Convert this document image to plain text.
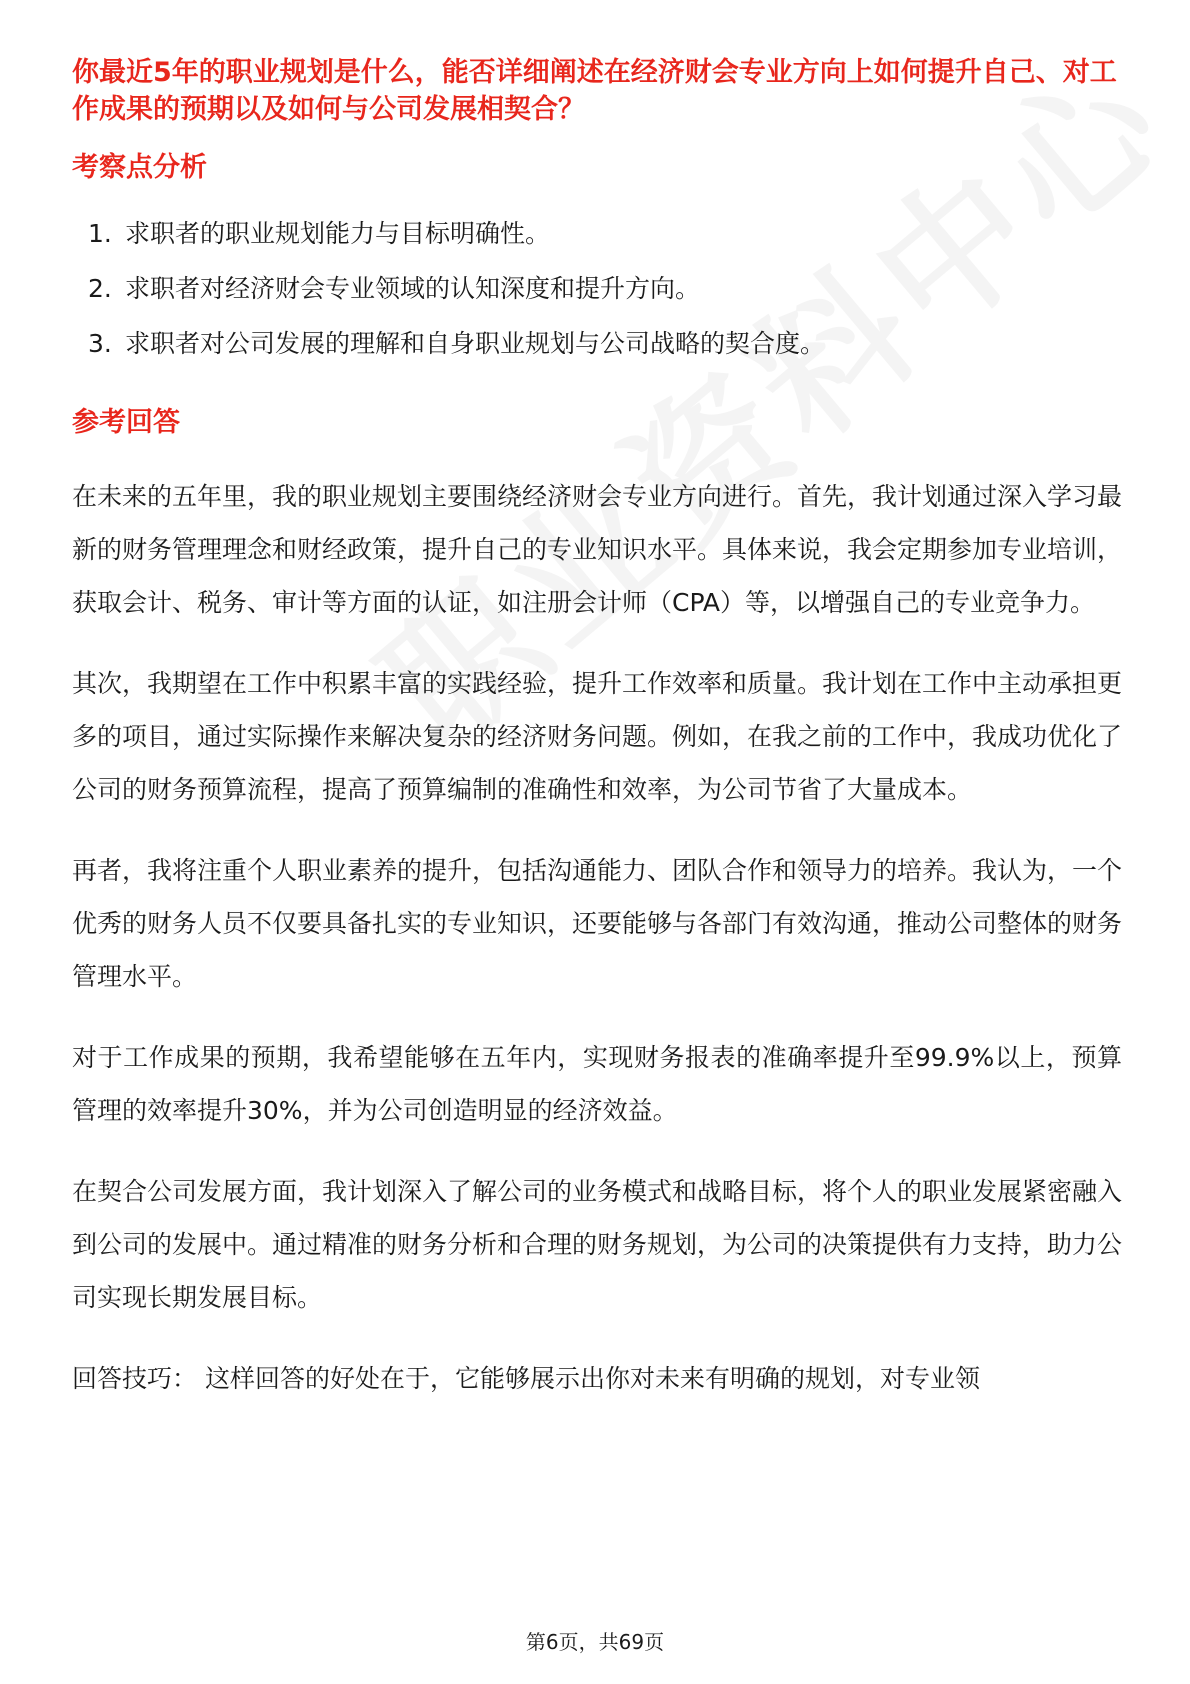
你最近5年的职业规划是什么，能否详细阐述在经济财会专业方向上如何提升自己、对工作成果的预期以及如何与公司发展相契合？
考察点分析
1. 求职者的职业规划能力与目标明确性。
2. 求职者对经济财会专业领域的认知深度和提升方向。
3. 求职者对公司发展的理解和自身职业规划与公司战略的契合度。
参考回答

在未来的五年里，我的职业规划主要围绕经济财会专业方向进行。首先，我计划通过深入学习最新的财务管理理念和财经政策，提升自己的专业知识水平。具体来说，我会定期参加专业培训，获取会计、税务、审计等方面的认证，如注册会计师（CPA）等，以增强自己的专业竞争力。

其次，我期望在工作中积累丰富的实践经验，提升工作效率和质量。我计划在工作中主动承担更多的项目，通过实际操作来解决复杂的经济财务问题。例如，在我之前的工作中，我成功优化了公司的财务预算流程，提高了预算编制的准确性和效率，为公司节省了大量成本。

再者，我将注重个人职业素养的提升，包括沟通能力、团队合作和领导力的培养。我认为，一个优秀的财务人员不仅要具备扎实的专业知识，还要能够与各部门有效沟通，推动公司整体的财务管理水平。

对于工作成果的预期，我希望能够在五年内，实现财务报表的准确率提升至99.9%以上，预算管理的效率提升30%，并为公司创造明显的经济效益。

在契合公司发展方面，我计划深入了解公司的业务模式和战略目标，将个人的职业发展紧密融入到公司的发展中。通过精准的财务分析和合理的财务规划，为公司的决策提供有力支持，助力公司实现长期发展目标。

回答技巧： 这样回答的好处在于，它能够展示出你对未来有明确的规划，对专业领

第6页，共69页
